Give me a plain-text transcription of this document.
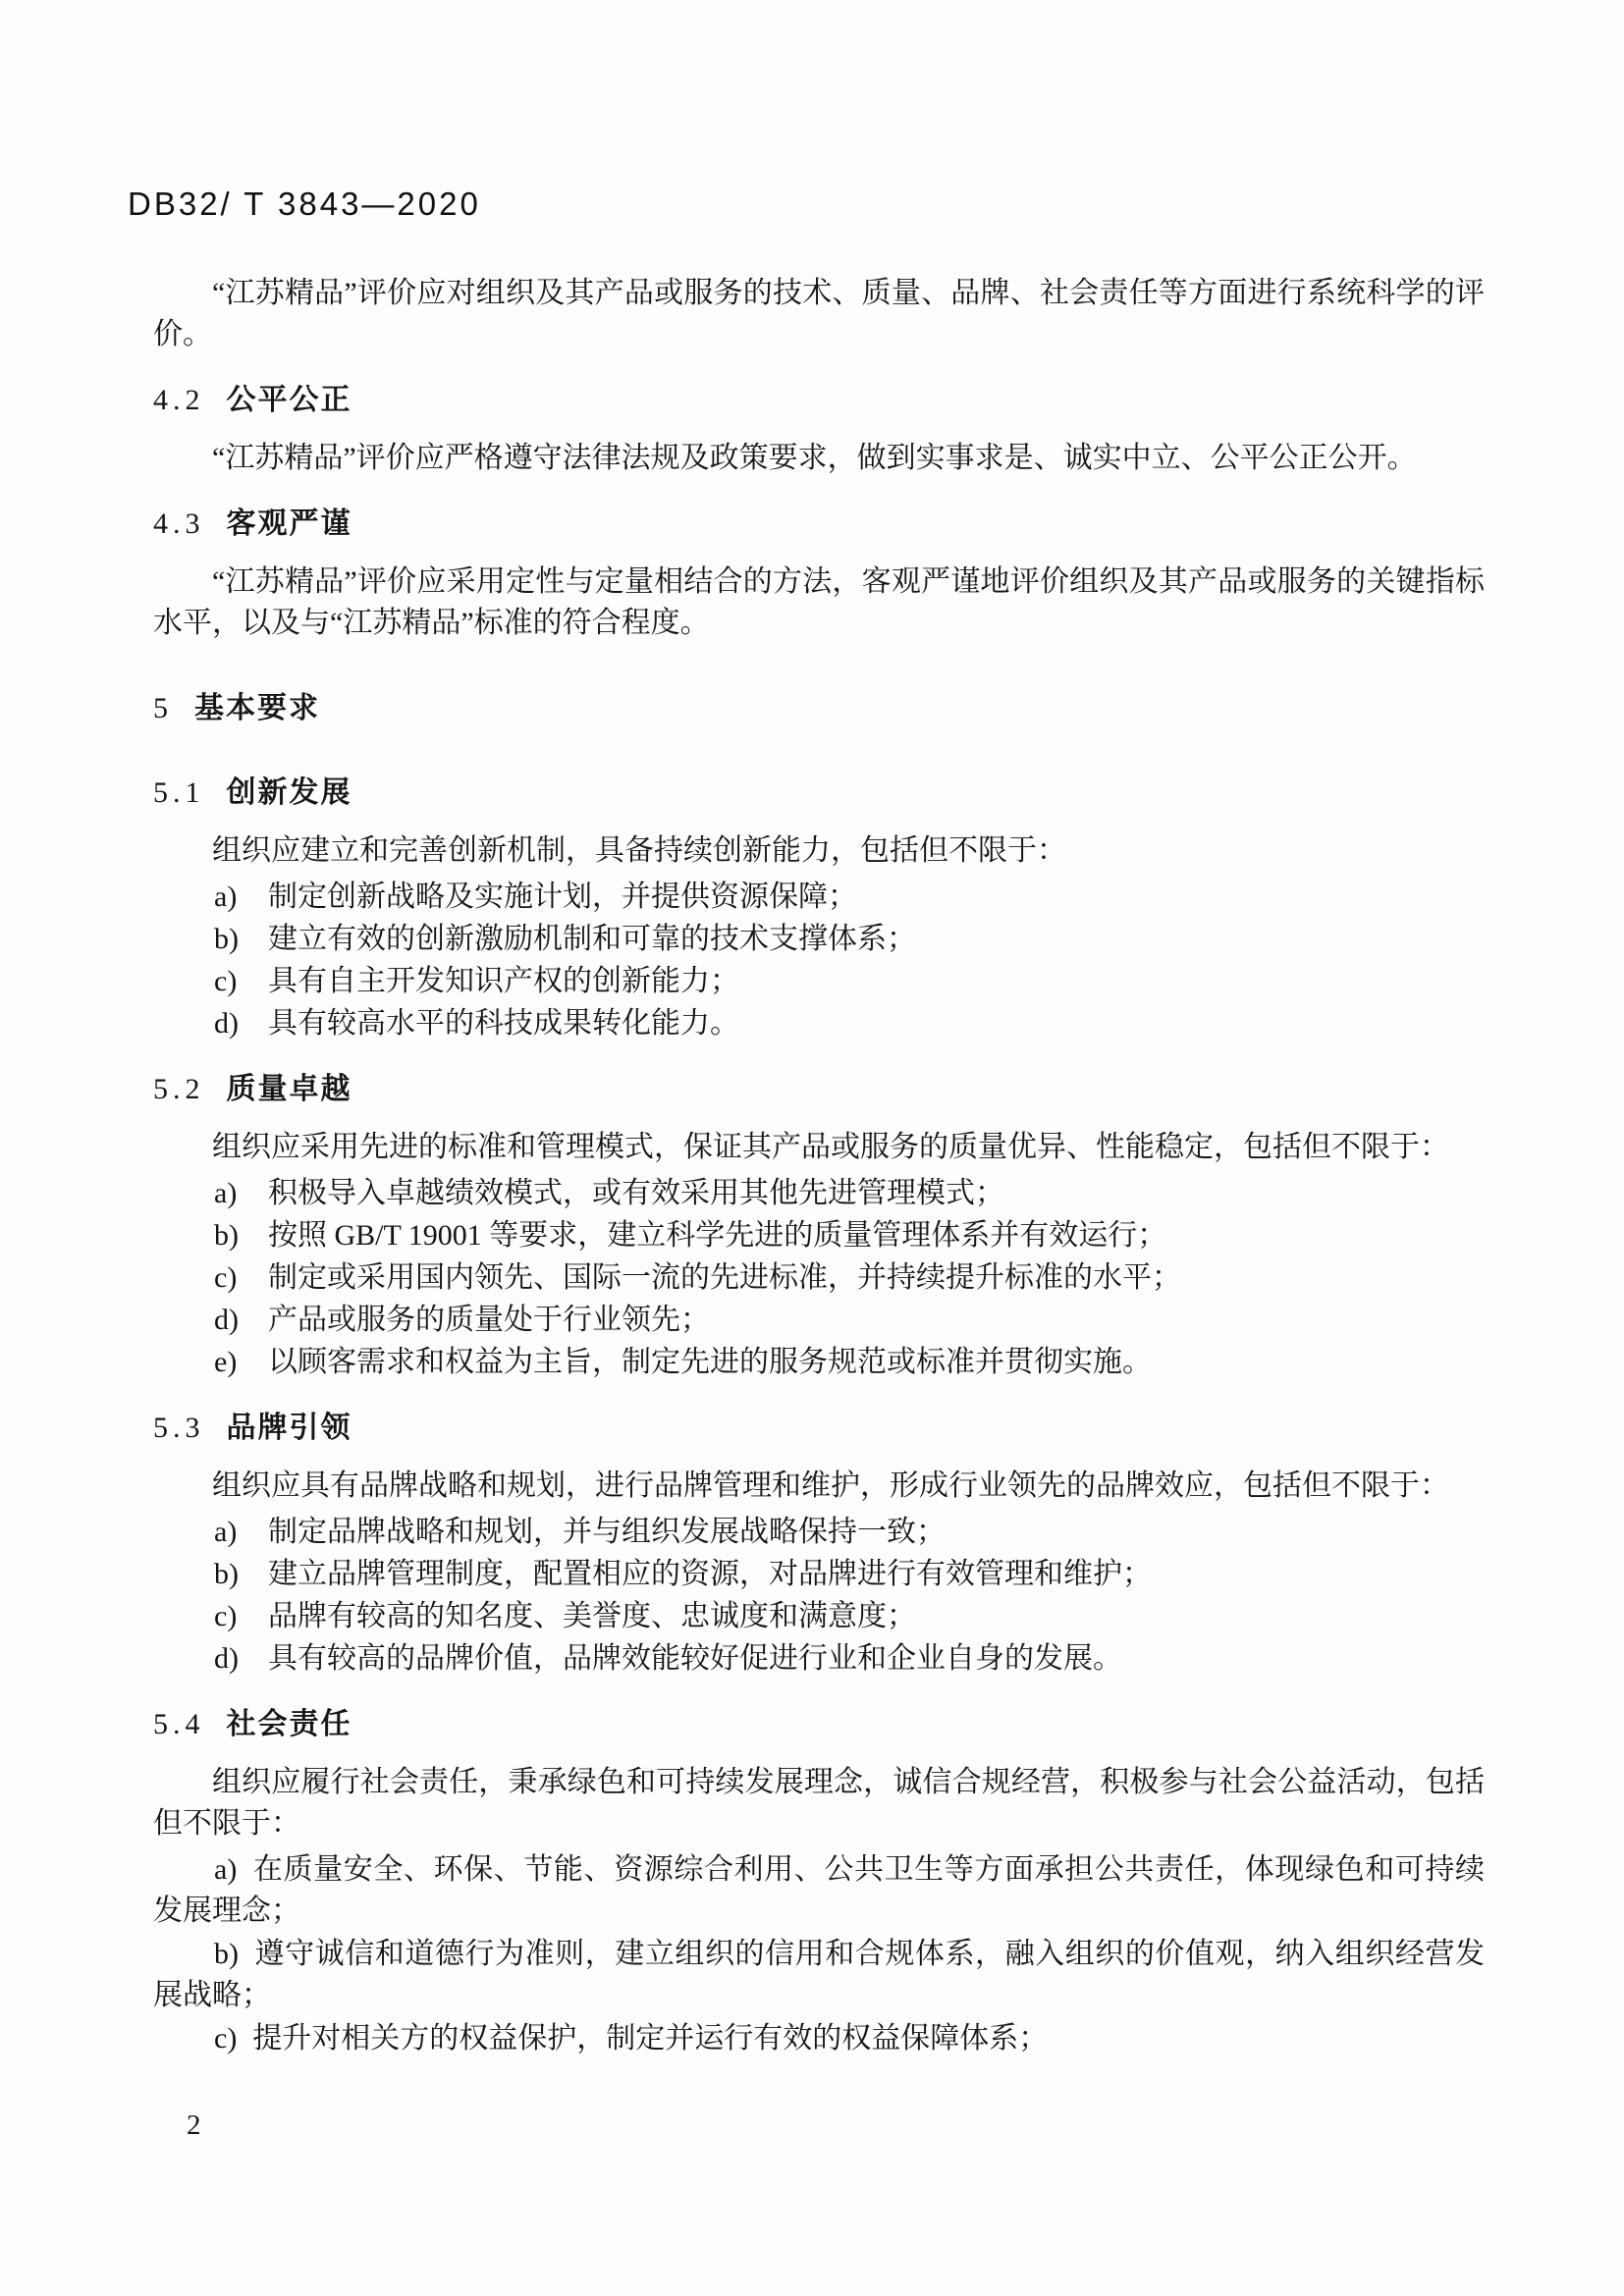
DB32/ T 3843—2020

“江苏精品”评价应对组织及其产品或服务的技术、质量、品牌、社会责任等方面进行系统科学的评价。

4.2 公平公正

“江苏精品”评价应严格遵守法律法规及政策要求，做到实事求是、诚实中立、公平公正公开。

4.3 客观严谨

“江苏精品”评价应采用定性与定量相结合的方法，客观严谨地评价组织及其产品或服务的关键指标水平，以及与“江苏精品”标准的符合程度。

5 基本要求
5.1 创新发展

组织应建立和完善创新机制，具备持续创新能力，包括但不限于：

a)	制定创新战略及实施计划，并提供资源保障；
b)	建立有效的创新激励机制和可靠的技术支撑体系；
c)	具有自主开发知识产权的创新能力；
d)	具有较高水平的科技成果转化能力。
5.2 质量卓越

组织应采用先进的标准和管理模式，保证其产品或服务的质量优异、性能稳定，包括但不限于：

a)	积极导入卓越绩效模式，或有效采用其他先进管理模式；
b)	按照 GB/T 19001 等要求，建立科学先进的质量管理体系并有效运行；
c)	制定或采用国内领先、国际一流的先进标准，并持续提升标准的水平；
d)	产品或服务的质量处于行业领先；
e)	以顾客需求和权益为主旨，制定先进的服务规范或标准并贯彻实施。
5.3 品牌引领

组织应具有品牌战略和规划，进行品牌管理和维护，形成行业领先的品牌效应，包括但不限于：

a)	制定品牌战略和规划，并与组织发展战略保持一致；
b)	建立品牌管理制度，配置相应的资源，对品牌进行有效管理和维护；
c)	品牌有较高的知名度、美誉度、忠诚度和满意度；
d)	具有较高的品牌价值，品牌效能较好促进行业和企业自身的发展。
5.4 社会责任

组织应履行社会责任，秉承绿色和可持续发展理念，诚信合规经营，积极参与社会公益活动，包括但不限于：

a) 在质量安全、环保、节能、资源综合利用、公共卫生等方面承担公共责任，体现绿色和可持续发展理念；
b) 遵守诚信和道德行为准则，建立组织的信用和合规体系，融入组织的价值观，纳入组织经营发展战略；
c) 提升对相关方的权益保护，制定并运行有效的权益保障体系；
2
